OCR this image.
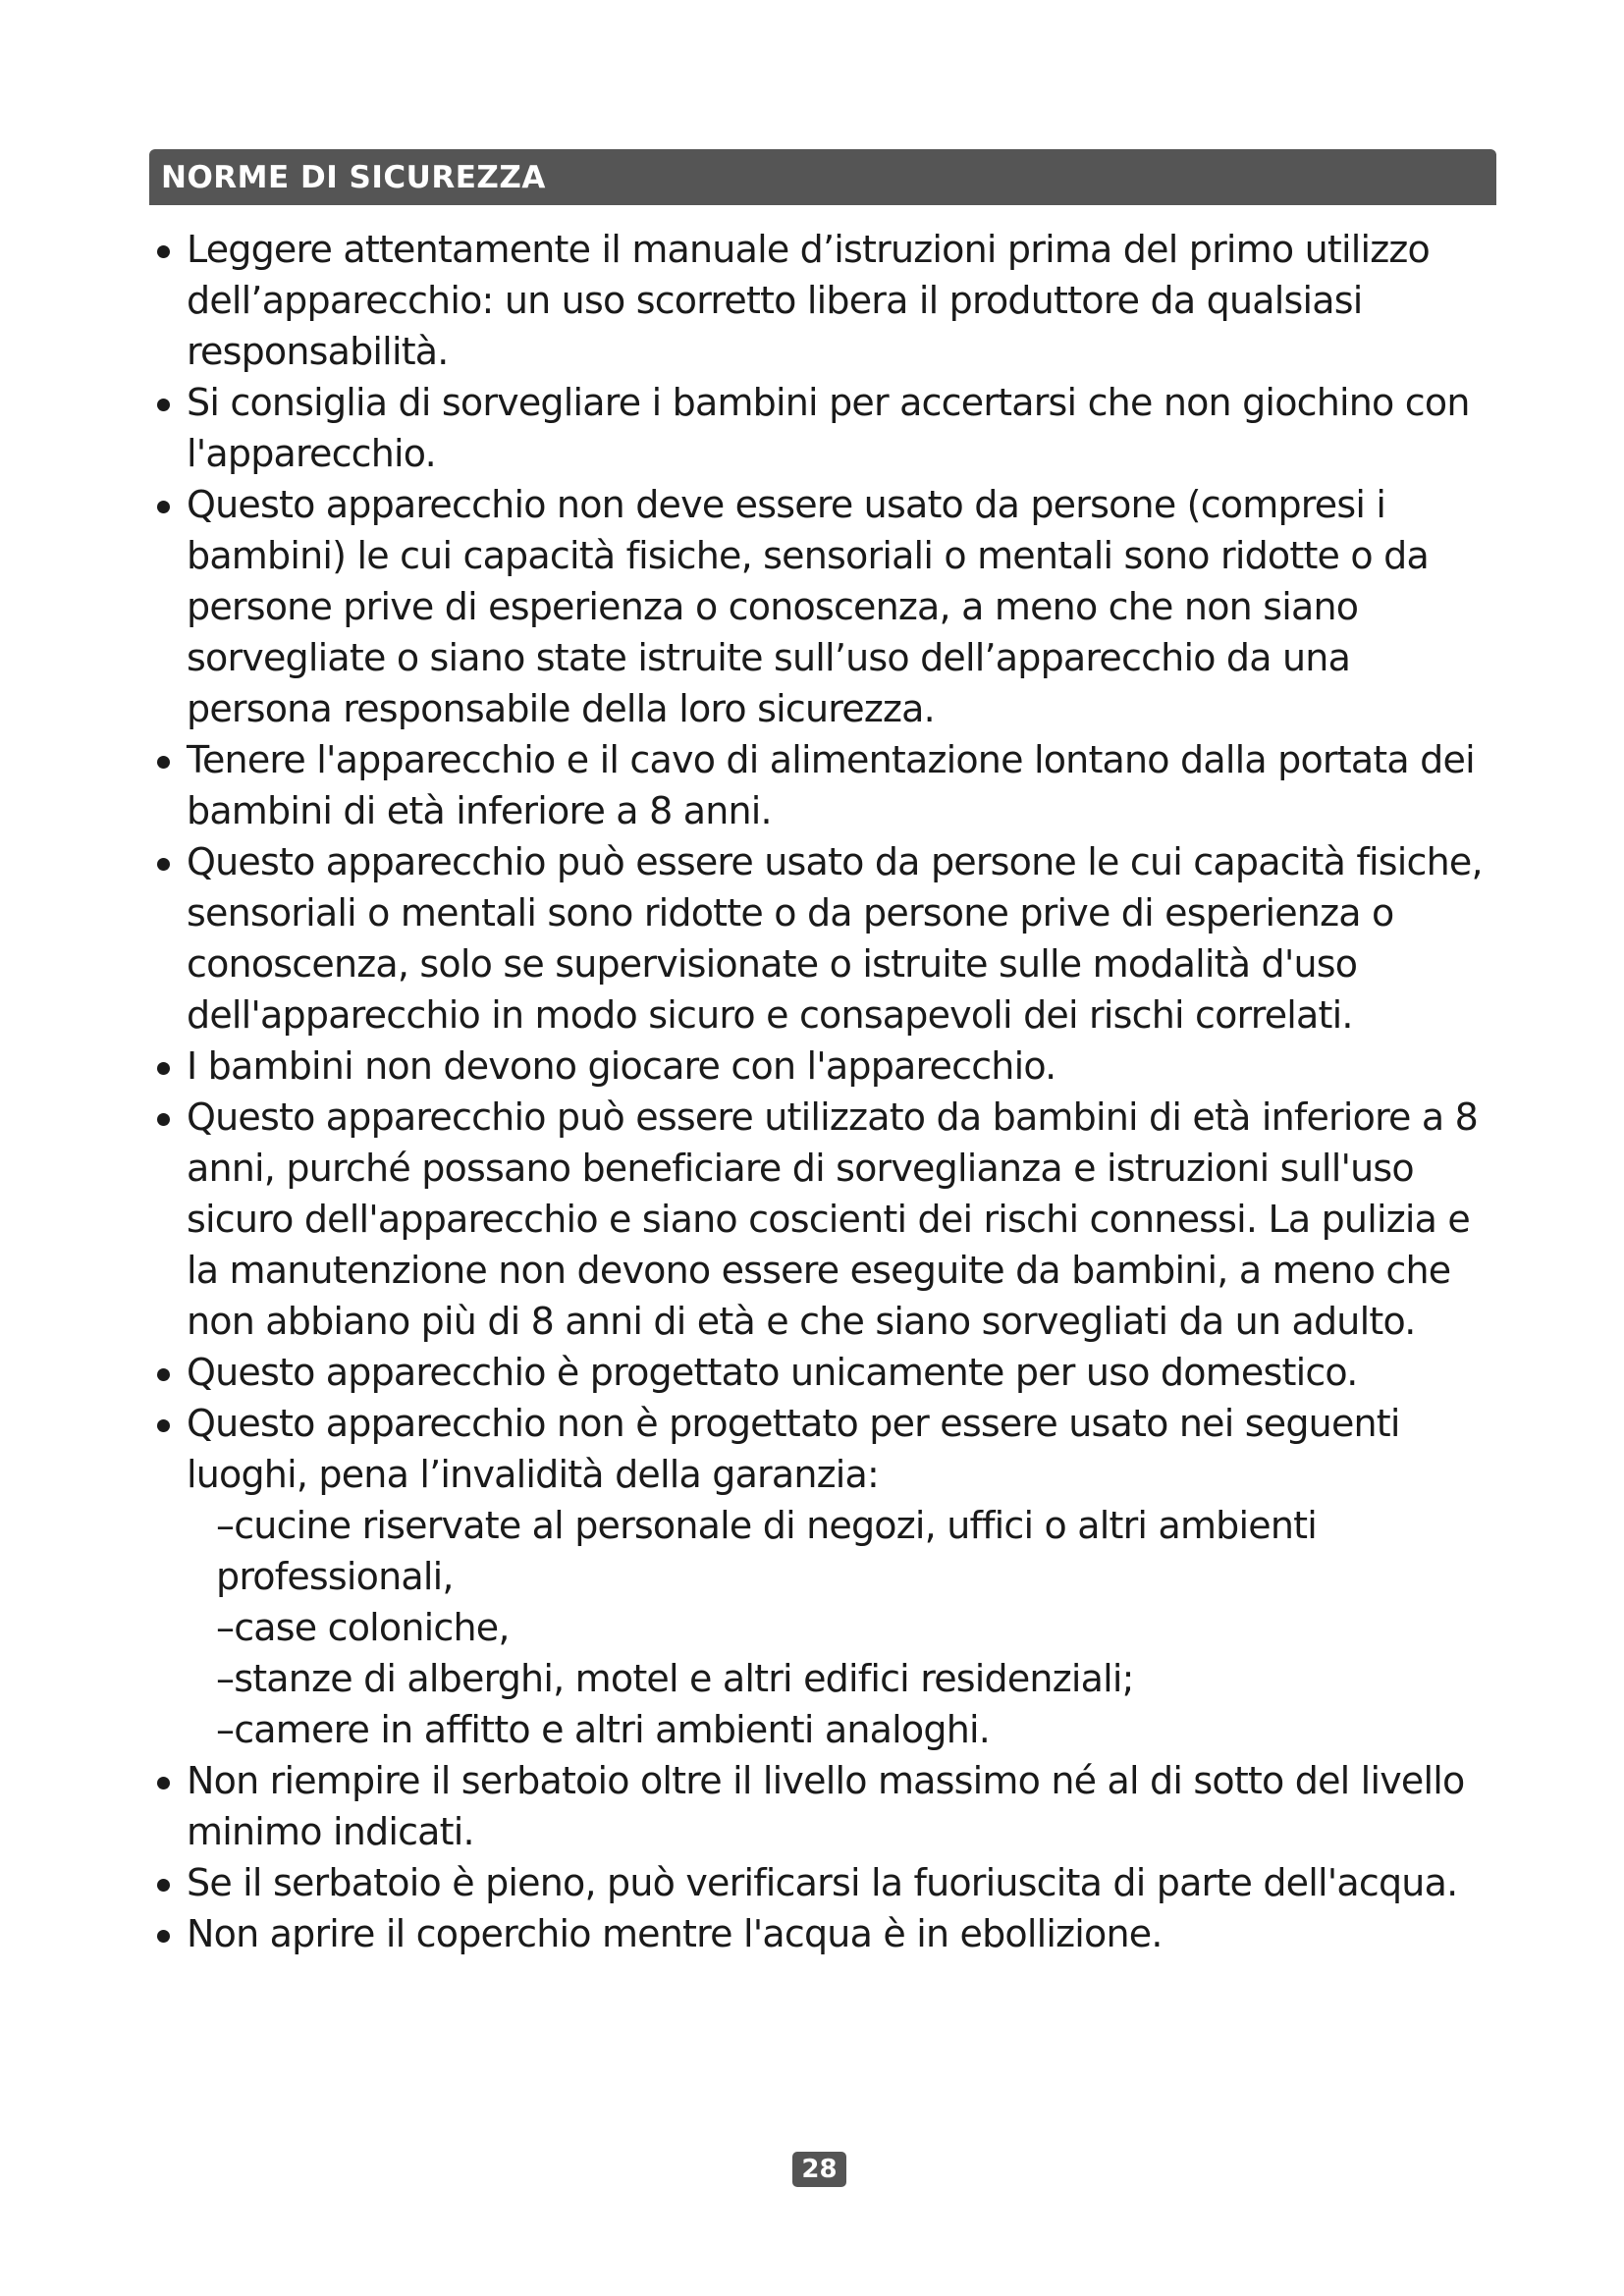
NORME DI SICUREZZA
Leggere attentamente il manuale d’istruzioni prima del primo utilizzo dell’apparecchio: un uso scorretto libera il produttore da qualsiasi responsabilità.
Si consiglia di sorvegliare i bambini per accertarsi che non giochino con l'apparecchio.
Questo apparecchio non deve essere usato da persone (compresi i bambini) le cui capacità fisiche, sensoriali o mentali sono ridotte o da persone prive di esperienza o conoscenza, a meno che non siano sorvegliate o siano state istruite sull’uso dell’apparecchio da una persona responsabile della loro sicurezza.
Tenere l'apparecchio e il cavo di alimentazione lontano dalla portata dei bambini di età inferiore a 8 anni.
Questo apparecchio può essere usato da persone le cui capacità fisiche, sensoriali o mentali sono ridotte o da persone prive di esperienza o conoscenza, solo se supervisionate o istruite sulle modalità d'uso dell'apparecchio in modo sicuro e consapevoli dei rischi correlati.
I bambini non devono giocare con l'apparecchio.
Questo apparecchio può essere utilizzato da bambini di età inferiore a 8 anni, purché possano beneficiare di sorveglianza e istruzioni sull'uso sicuro dell'apparecchio e siano coscienti dei rischi connessi. La pulizia e la manutenzione non devono essere eseguite da bambini, a meno che non abbiano più di 8 anni di età e che siano sorvegliati da un adulto.
Questo apparecchio è progettato unicamente per uso domestico.
Questo apparecchio non è progettato per essere usato nei seguenti luoghi, pena l’invalidità della garanzia:
–cucine riservate al personale di negozi, uffici o altri ambienti professionali,
–case coloniche,
–stanze di alberghi, motel e altri edifici residenziali;
–camere in affitto e altri ambienti analoghi.
Non riempire il serbatoio oltre il livello massimo né al di sotto del livello minimo indicati.
Se il serbatoio è pieno, può verificarsi la fuoriuscita di parte dell'acqua.
Non aprire il coperchio mentre l'acqua è in ebollizione.
28
